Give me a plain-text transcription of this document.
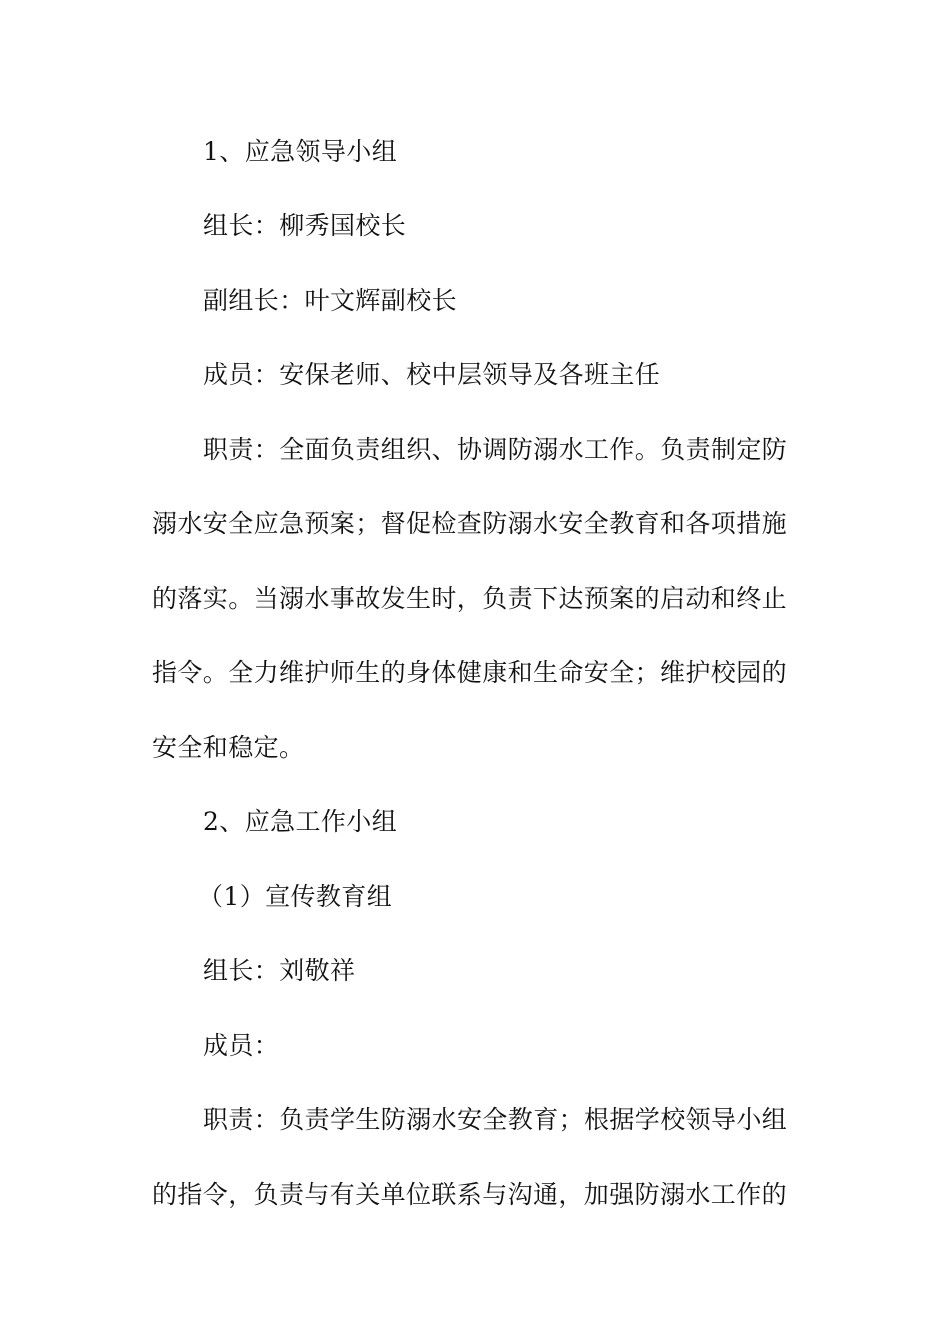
1、应急领导小组
组长：柳秀国校长
副组长：叶文辉副校长
成员：安保老师、校中层领导及各班主任
职责：全面负责组织、协调防溺水工作。负责制定防
溺水安全应急预案；督促检查防溺水安全教育和各项措施
的落实。当溺水事故发生时，负责下达预案的启动和终止
指令。全力维护师生的身体健康和生命安全；维护校园的
安全和稳定。
2、应急工作小组
（1）宣传教育组
组长：刘敬祥
成员：
职责：负责学生防溺水安全教育；根据学校领导小组
的指令，负责与有关单位联系与沟通，加强防溺水工作的
